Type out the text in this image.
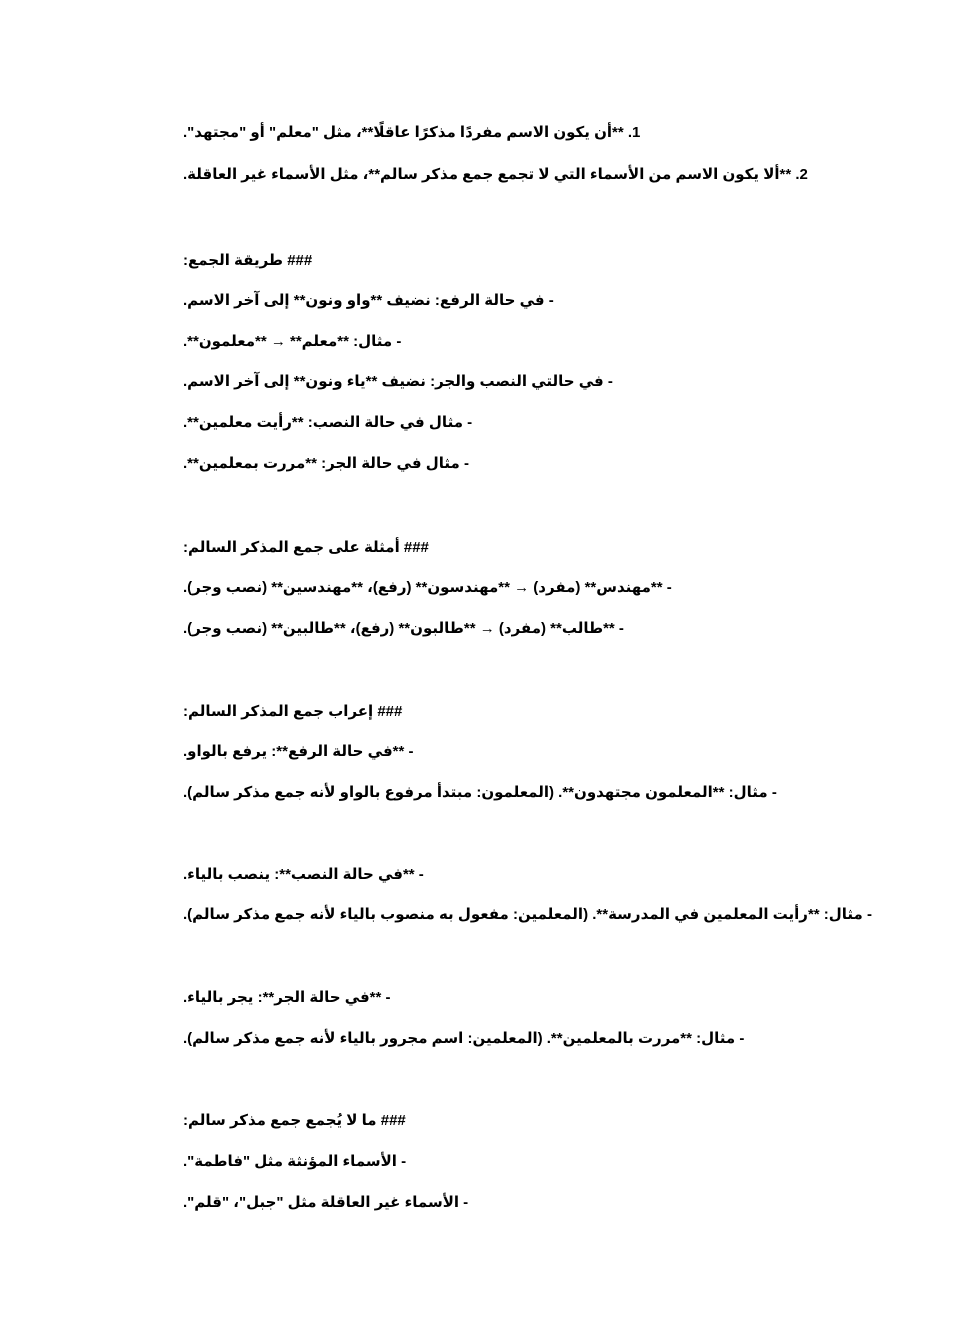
1. **أن يكون الاسم مفردًا مذكرًا عاقلًا**، مثل "معلم" أو "مجتهد".
2. **ألا يكون الاسم من الأسماء التي لا تجمع جمع مذكر سالم**، مثل الأسماء غير العاقلة.
### طريقة الجمع:
- في حالة الرفع: نضيف **واو ونون** إلى آخر الاسم.
- مثال: **معلم** → **معلمون**.
- في حالتي النصب والجر: نضيف **ياء ونون** إلى آخر الاسم.
- مثال في حالة النصب: **رأيت معلمين**.
- مثال في حالة الجر: **مررت بمعلمين**.
### أمثلة على جمع المذكر السالم:
- **مهندس** (مفرد) → **مهندسون** (رفع)، **مهندسين** (نصب وجر).
- **طالب** (مفرد) → **طالبون** (رفع)، **طالبين** (نصب وجر).
### إعراب جمع المذكر السالم:
- **في حالة الرفع**: يرفع بالواو.
- مثال: **المعلمون مجتهدون**. (المعلمون: مبتدأ مرفوع بالواو لأنه جمع مذكر سالم).
- **في حالة النصب**: ينصب بالياء.
- مثال: **رأيت المعلمين في المدرسة**. (المعلمين: مفعول به منصوب بالياء لأنه جمع مذكر سالم).
- **في حالة الجر**: يجر بالياء.
- مثال: **مررت بالمعلمين**. (المعلمين: اسم مجرور بالياء لأنه جمع مذكر سالم).
### ما لا يُجمع جمع مذكر سالم:
- الأسماء المؤنثة مثل "فاطمة".
- الأسماء غير العاقلة مثل "جبل"، "قلم".
